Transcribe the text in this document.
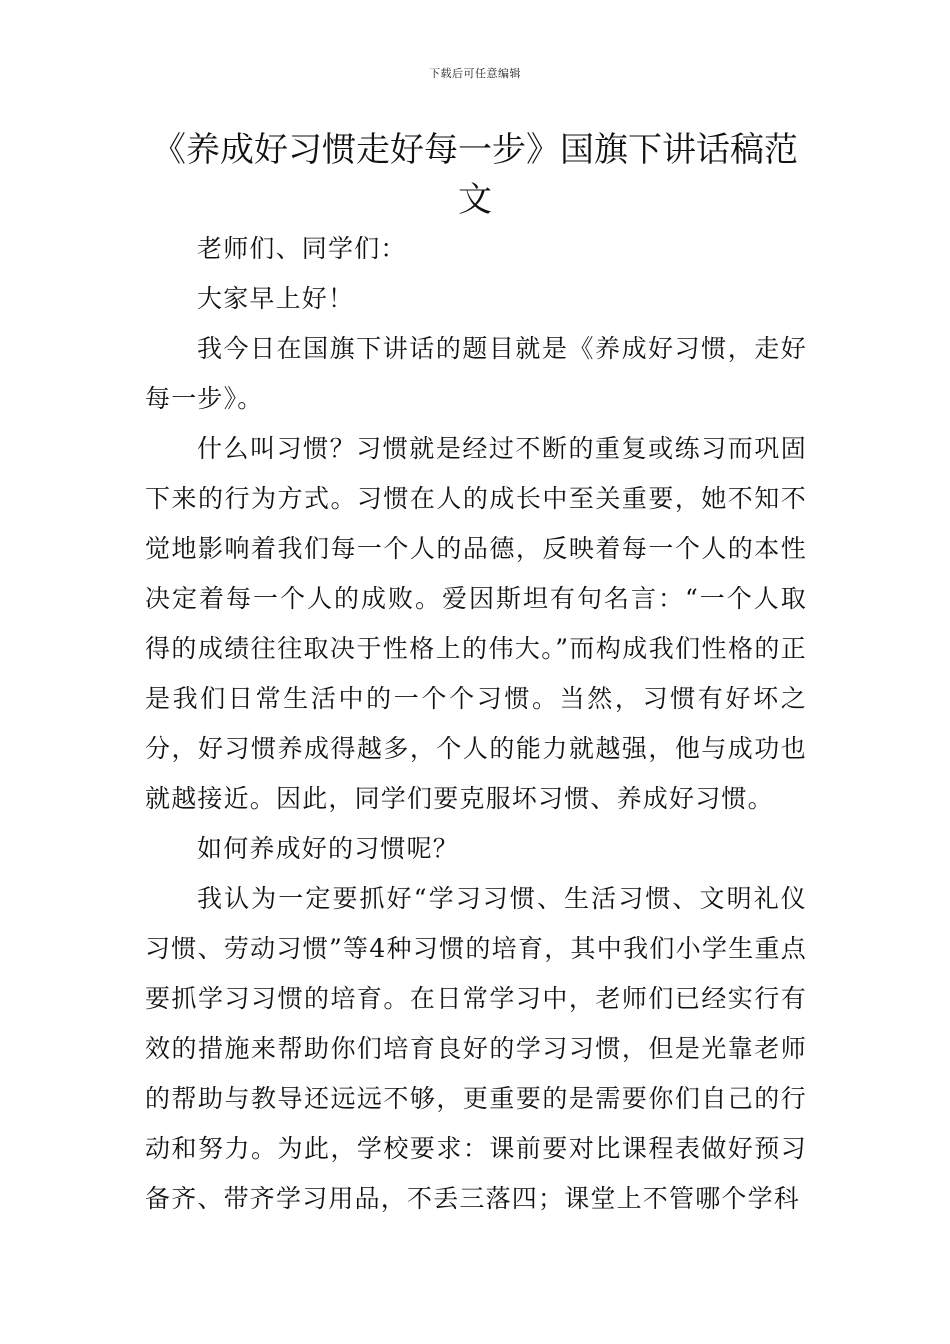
下载后可任意编辑
《养成好习惯走好每一步》国旗下讲话稿范文

老师们、同学们：

大家早上好！

我今日在国旗下讲话的题目就是《养成好习惯，走好每一步》。

什么叫习惯？习惯就是经过不断的重复或练习而巩固下来的行为方式。习惯在人的成长中至关重要，她不知不觉地影响着我们每一个人的品德，反映着每一个人的本性决定着每一个人的成败。爱因斯坦有句名言：“一个人取得的成绩往往取决于性格上的伟大。”而构成我们性格的正是我们日常生活中的一个个习惯。当然，习惯有好坏之分，好习惯养成得越多，个人的能力就越强，他与成功也就越接近。因此，同学们要克服坏习惯、养成好习惯。

如何养成好的习惯呢？

我认为一定要抓好“学习习惯、生活习惯、文明礼仪习惯、劳动习惯”等4种习惯的培育，其中我们小学生重点要抓学习习惯的培育。在日常学习中，老师们已经实行有效的措施来帮助你们培育良好的学习习惯，但是光靠老师的帮助与教导还远远不够，更重要的是需要你们自己的行动和努力。为此，学校要求：课前要对比课程表做好预习备齐、带齐学习用品，不丢三落四；课堂上不管哪个学科
